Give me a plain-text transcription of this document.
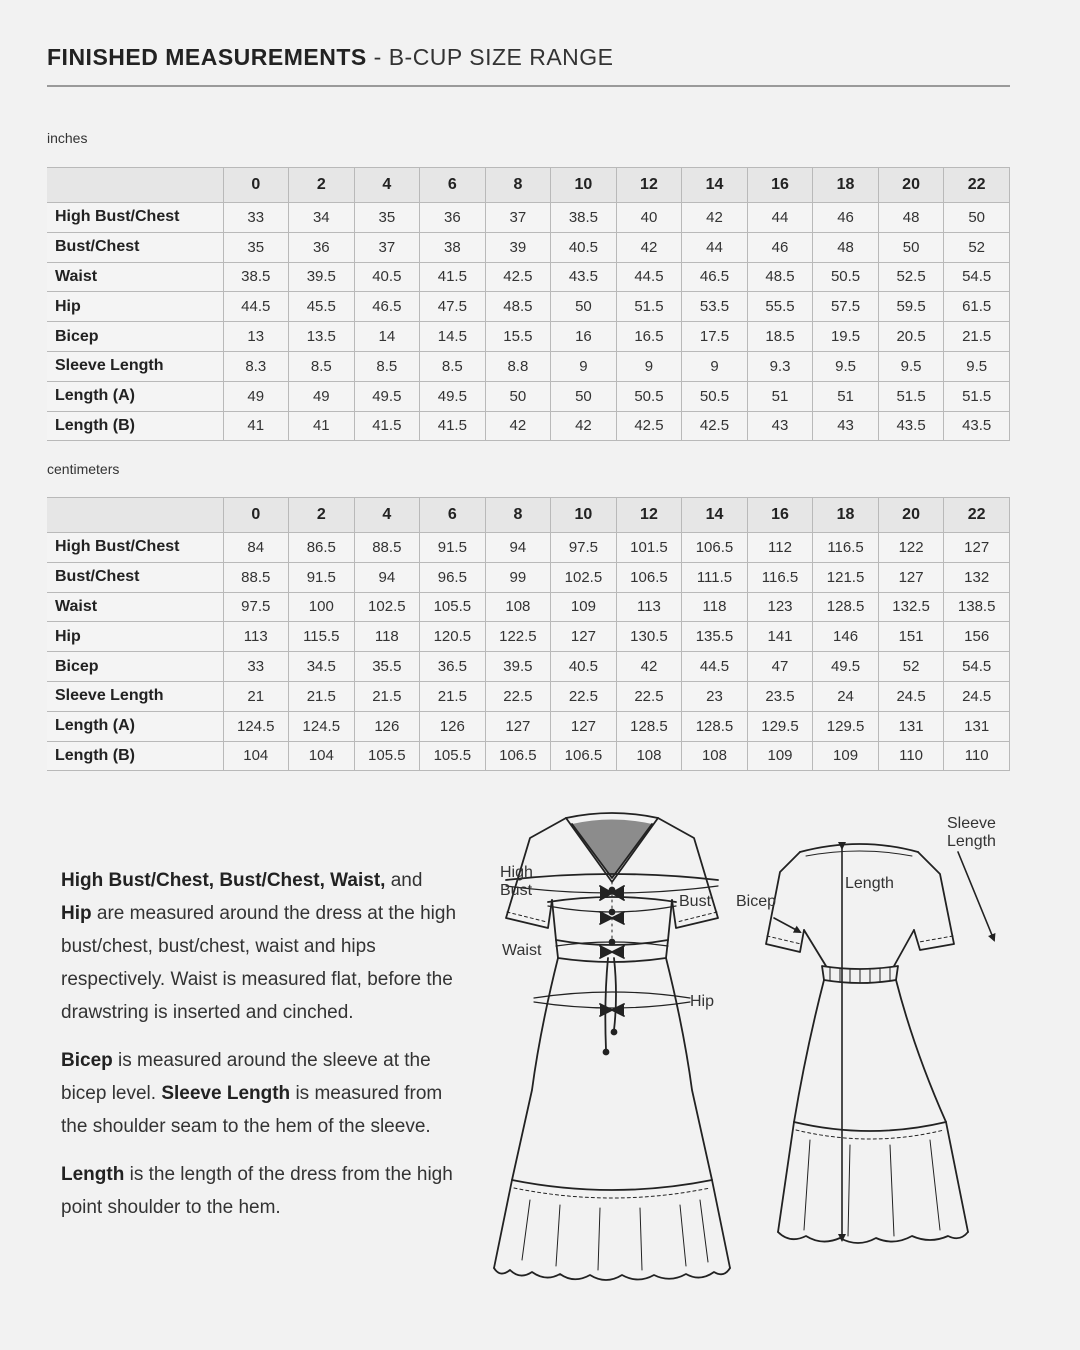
FINISHED MEASUREMENTS - B-CUP SIZE RANGE
inches
	0	2	4	6	8	10	12	14	16	18	20	22
High Bust/Chest	33	34	35	36	37	38.5	40	42	44	46	48	50
Bust/Chest	35	36	37	38	39	40.5	42	44	46	48	50	52
Waist	38.5	39.5	40.5	41.5	42.5	43.5	44.5	46.5	48.5	50.5	52.5	54.5
Hip	44.5	45.5	46.5	47.5	48.5	50	51.5	53.5	55.5	57.5	59.5	61.5
Bicep	13	13.5	14	14.5	15.5	16	16.5	17.5	18.5	19.5	20.5	21.5
Sleeve Length	8.3	8.5	8.5	8.5	8.8	9	9	9	9.3	9.5	9.5	9.5
Length (A)	49	49	49.5	49.5	50	50	50.5	50.5	51	51	51.5	51.5
Length (B)	41	41	41.5	41.5	42	42	42.5	42.5	43	43	43.5	43.5
centimeters
	0	2	4	6	8	10	12	14	16	18	20	22
High Bust/Chest	84	86.5	88.5	91.5	94	97.5	101.5	106.5	112	116.5	122	127
Bust/Chest	88.5	91.5	94	96.5	99	102.5	106.5	111.5	116.5	121.5	127	132
Waist	97.5	100	102.5	105.5	108	109	113	118	123	128.5	132.5	138.5
Hip	113	115.5	118	120.5	122.5	127	130.5	135.5	141	146	151	156
Bicep	33	34.5	35.5	36.5	39.5	40.5	42	44.5	47	49.5	52	54.5
Sleeve Length	21	21.5	21.5	21.5	22.5	22.5	22.5	23	23.5	24	24.5	24.5
Length (A)	124.5	124.5	126	126	127	127	128.5	128.5	129.5	129.5	131	131
Length (B)	104	104	105.5	105.5	106.5	106.5	108	108	109	109	110	110

High Bust/Chest, Bust/Chest, Waist, and Hip are measured around the dress at the high bust/chest, bust/chest, waist and hips respectively. Waist is measured flat, before the drawstring is inserted and cinched.

Bicep is measured around the sleeve at the bicep level. Sleeve Length is measured from the shoulder seam to the hem of the sleeve.

Length is the length of the dress from the high point shoulder to the hem.

High
Bust
Bust
Waist
Hip
Bicep
Length
Sleeve
Length
